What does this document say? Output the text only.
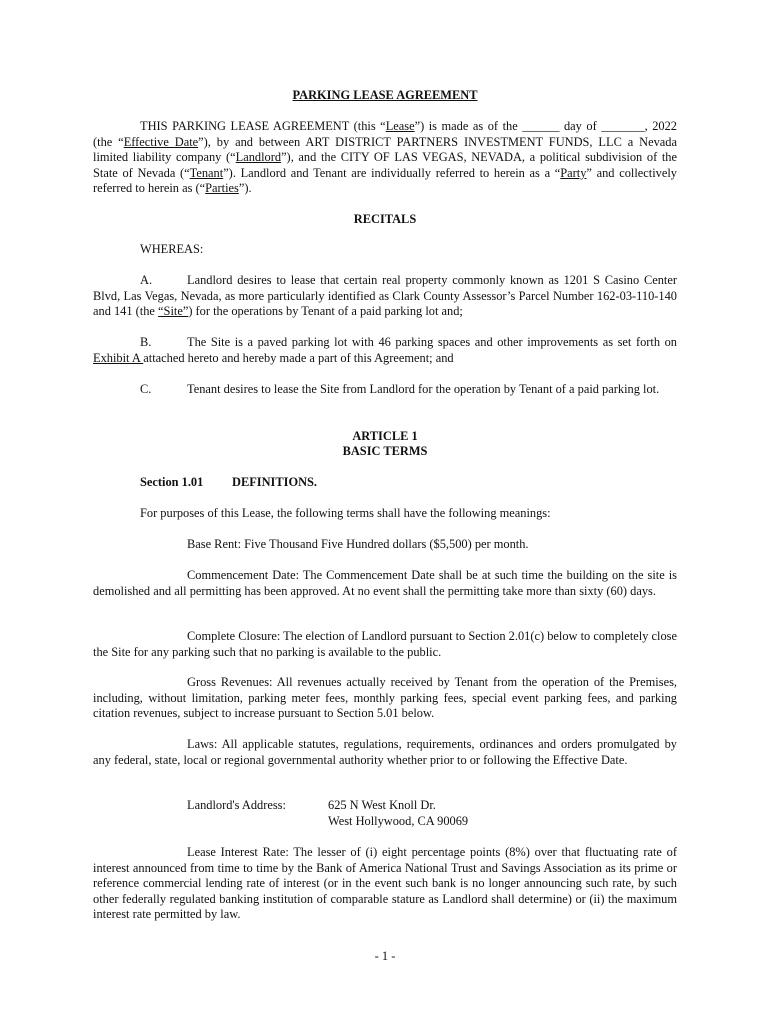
PARKING LEASE AGREEMENT

THIS PARKING LEASE AGREEMENT (this “Lease”) is made as of the ______ day of _______, 2022 (the “Effective Date”), by and between ART DISTRICT PARTNERS INVESTMENT FUNDS, LLC a Nevada limited liability company (“Landlord”), and the CITY OF LAS VEGAS, NEVADA, a political subdivision of the State of Nevada (“Tenant”). Landlord and Tenant are individually referred to herein as a “Party” and collectively referred to herein as (“Parties”).

RECITALS

WHEREAS:

A.	Landlord desires to lease that certain real property commonly known as 1201 S Casino Center Blvd, Las Vegas, Nevada, as more particularly identified as Clark County Assessor’s Parcel Number 162-03-110-140 and 141 (the “Site”) for the operations by Tenant of a paid parking lot and;

B.	The Site is a paved parking lot with 46 parking spaces and other improvements as set forth on Exhibit A attached hereto and hereby made a part of this Agreement; and

C.	Tenant desires to lease the Site from Landlord for the operation by Tenant of a paid parking lot.

ARTICLE 1

BASIC TERMS

Section 1.01 DEFINITIONS.

For purposes of this Lease, the following terms shall have the following meanings:

Base Rent: Five Thousand Five Hundred dollars ($5,500) per month.

Commencement Date: The Commencement Date shall be at such time the building on the site is demolished and all permitting has been approved. At no event shall the permitting take more than sixty (60) days.

Complete Closure: The election of Landlord pursuant to Section 2.01(c) below to completely close the Site for any parking such that no parking is available to the public.

Gross Revenues: All revenues actually received by Tenant from the operation of the Premises, including, without limitation, parking meter fees, monthly parking fees, special event parking fees, and parking citation revenues, subject to increase pursuant to Section 5.01 below.

Laws: All applicable statutes, regulations, requirements, ordinances and orders promulgated by any federal, state, local or regional governmental authority whether prior to or following the Effective Date.

Landlord's Address:	625 N West Knoll Dr.
West Hollywood, CA 90069

Lease Interest Rate: The lesser of (i) eight percentage points (8%) over that fluctuating rate of interest announced from time to time by the Bank of America National Trust and Savings Association as its prime or reference commercial lending rate of interest (or in the event such bank is no longer announcing such rate, by such other federally regulated banking institution of comparable stature as Landlord shall determine) or (ii) the maximum interest rate permitted by law.

- 1 -
